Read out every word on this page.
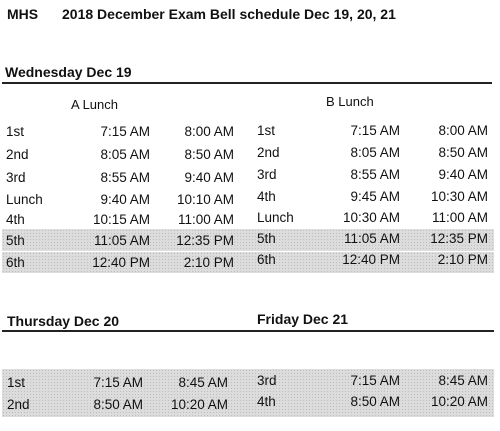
MHS 2018 December Exam Bell schedule Dec 19, 20, 21
Wednesday Dec 19
A Lunch	B Lunch
1st	7:15 AM	8:00 AM
2nd	8:05 AM	8:50 AM
3rd	8:55 AM	9:40 AM
Lunch	9:40 AM	10:10 AM
4th	10:15 AM	11:00 AM
5th	11:05 AM	12:35 PM
6th	12:40 PM	2:10 PM
1st	7:15 AM	8:00 AM
2nd	8:05 AM	8:50 AM
3rd	8:55 AM	9:40 AM
4th	9:45 AM	10:30 AM
Lunch	10:30 AM	11:00 AM
5th	11:05 AM	12:35 PM
6th	12:40 PM	2:10 PM
Thursday Dec 20	Friday Dec 21
1st	7:15 AM	8:45 AM
2nd	8:50 AM	10:20 AM
3rd	7:15 AM	8:45 AM
4th	8:50 AM	10:20 AM
